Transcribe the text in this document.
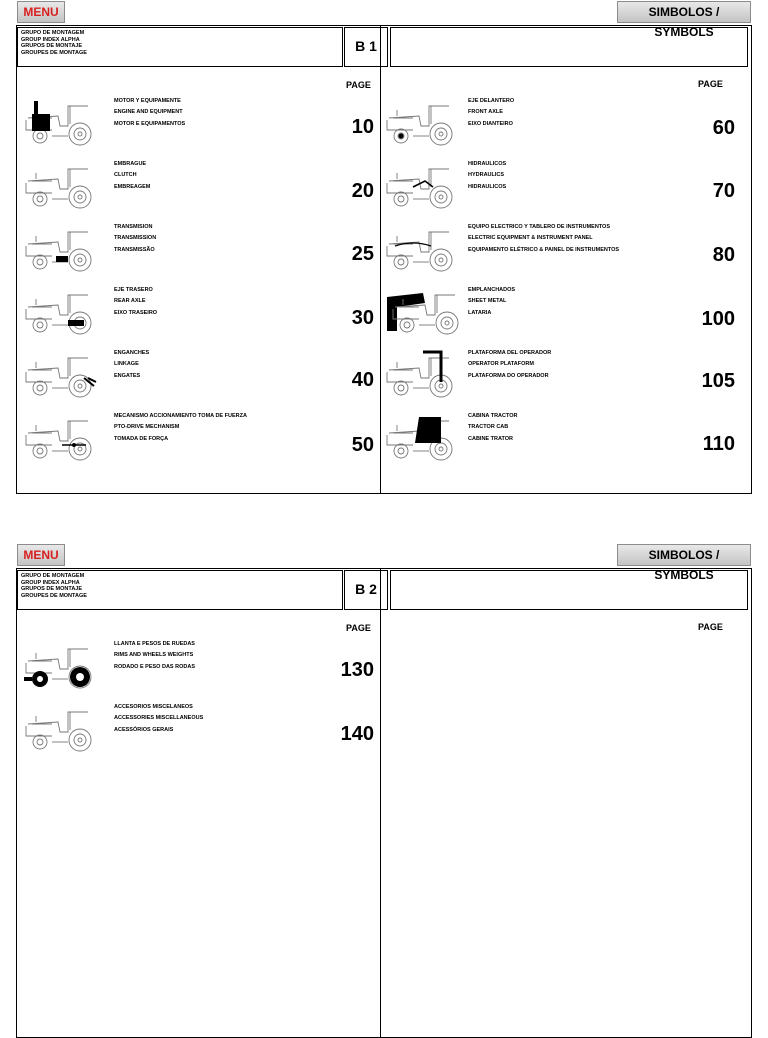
MENU	SIMBOLOS / SYMBOLS
GRUPO DE MONTAGEM
GROUP INDEX ALPHA
GRUPOS DE MONTAJE
GROUPES DE MONTAGE	B 1
PAGE	PAGE
MOTOR Y EQUIPAMENTE
ENGINE AND EQUIPMENT
MOTOR E EQUIPAMENTOS	10
EMBRAGUE
CLUTCH
EMBREAGEM	20
TRANSMISION
TRANSMISSION
TRANSMISSÃO	25
EJE TRASERO
REAR AXLE
EIXO TRASEIRO	30
ENGANCHES
LINKAGE
ENGATES	40
MECANISMO ACCIONAMIENTO TOMA DE FUERZA
PTO-DRIVE MECHANISM
TOMADA DE FORÇA	50
EJE DELANTERO
FRONT AXLE
EIXO DIANTEIRO	60
HIDRAULICOS
HYDRAULICS
HIDRAULICOS	70
EQUIPO ELECTRICO Y TABLERO DE INSTRUMENTOS
ELECTRIC EQUIPMENT & INSTRUMENT PANEL
EQUIPAMENTO ELÉTRICO & PAINEL DE INSTRUMENTOS	80
EMPLANCHADOS
SHEET METAL
LATARIA	100
PLATAFORMA DEL OPERADOR
OPERATOR PLATAFORM
PLATAFORMA DO OPERADOR	105
CABINA TRACTOR
TRACTOR CAB
CABINE TRATOR	110
MENU	SIMBOLOS / SYMBOLS
GRUPO DE MONTAGEM
GROUP INDEX ALPHA
GRUPOS DE MONTAJE
GROUPES DE MONTAGE	B 2
PAGE	PAGE
LLANTA E PESOS DE RUEDAS
RIMS AND WHEELS WEIGHTS
RODADO E PESO DAS RODAS	130
ACCESORIOS MISCELANEOS
ACCESSORIES MISCELLANEOUS
ACESSÓRIOS GERAIS	140
